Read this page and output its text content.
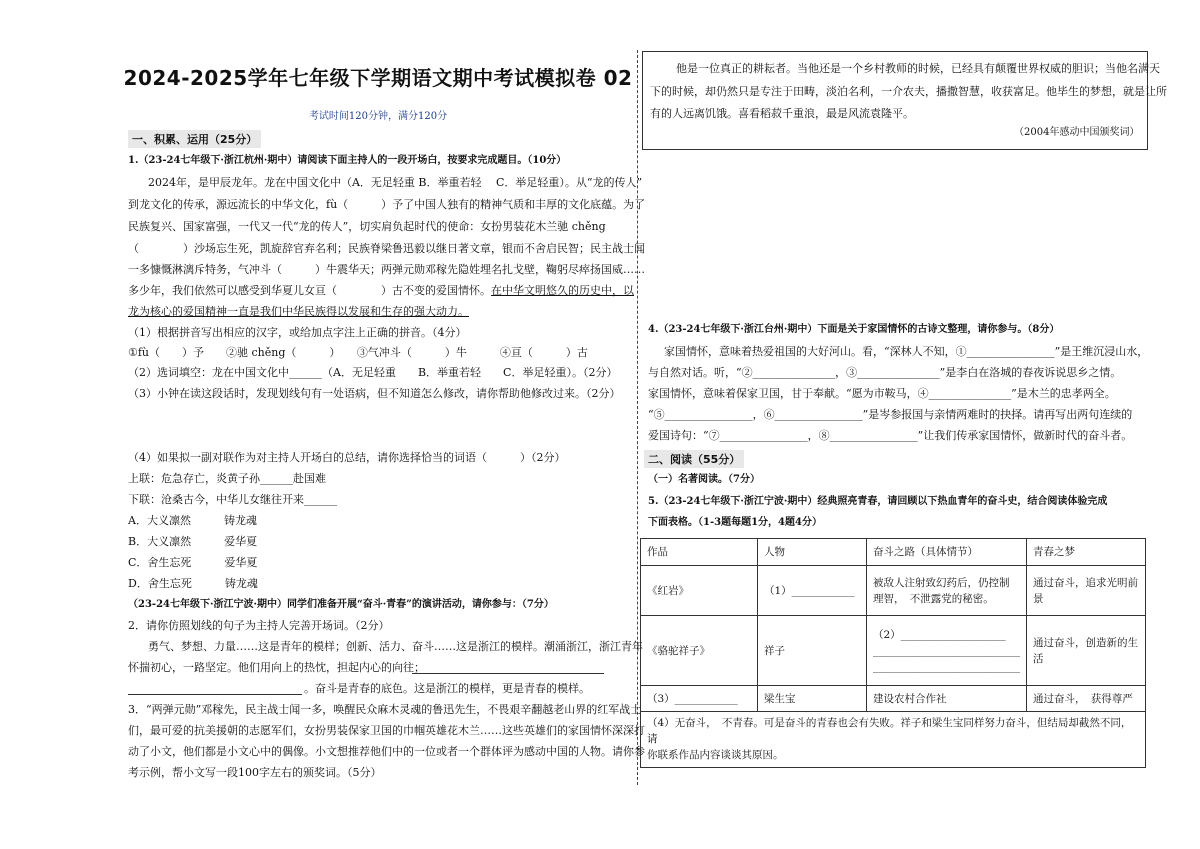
2024-2025学年七年级下学期语文期中考试模拟卷 02
考试时间120分钟，满分120分
一、积累、运用（25分）
1.（23-24七年级下·浙江杭州·期中）请阅读下面主持人的一段开场白，按要求完成题目。（10分）
2024年，是甲辰龙年。龙在中国文化中（A．无足轻重 B．举重若轻　 C．举足轻重）。从“龙的传人”
到龙文化的传承，源远流长的中华文化，fù（　　　）予了中国人独有的精神气质和丰厚的文化底蕴。为了
民族复兴、国家富强，一代又一代“龙的传人”，切实肩负起时代的使命：女扮男装花木兰驰 chěng
（　　　　）沙场忘生死，凯旋辞官弃名利；民族脊梁鲁迅毅以继日著文章，银而不舍启民智；民主战士闻
一多慷慨淋漓斥特务，气冲斗（　　　）牛震华天；两弹元勋邓稼先隐姓埋名扎戈壁，鞠躬尽瘁扬国威……
多少年，我们依然可以感受到华夏儿女亘（　　　　）古不变的爱国情怀。在中华文明悠久的历史中，以
龙为核心的爱国精神一直是我们中华民族得以发展和生存的强大动力。
（1）根据拼音写出相应的汉字，或给加点字注上正确的拼音。（4分）
①fù（　　）予　　②驰 chěng（　　　）　　③气冲斗（　　　）牛　　　④亘（　　　）古
（2）选词填空：龙在中国文化中______（A．无足轻重　　B．举重若轻　　C．举足轻重）。（2分）
（3）小钟在读这段话时，发现划线句有一处语病，但不知道怎么修改，请你帮助他修改过来。（2分）
（4）如果拟一副对联作为对主持人开场白的总结，请你选择恰当的词语（　　　）（2分）
上联：危急存亡，炎黄子孙______赴国难
下联：沧桑古今，中华儿女继往开来______
A．大义凛然　　　铸龙魂
B．大义凛然　　　爱华夏
C．舍生忘死　　　爱华夏
D．舍生忘死　　　铸龙魂
（23-24七年级下·浙江宁波·期中）同学们准备开展“奋斗·青春”的演讲活动，请你参与：（7分）
2．请你仿照划线的句子为主持人完善开场词。（2分）
勇气、梦想、力量……这是青年的模样；创新、活力、奋斗……这是浙江的模样。潮涌浙江，浙江青年
怀揣初心，一路坚定。他们用向上的热忱，担起内心的向往；
。奋斗是青春的底色。这是浙江的模样，更是青春的模样。
3．“两弹元勋”邓稼先，民主战士闻一多，唤醒民众麻木灵魂的鲁迅先生，不畏艰辛翻越老山界的红军战士
们，最可爱的抗美援朝的志愿军们，女扮男装保家卫国的巾帼英雄花木兰……这些英雄们的家国情怀深深打
动了小文，他们都是小文心中的偶像。小文想推荐他们中的一位或者一个群体评为感动中国的人物。请你参
考示例，帮小文写一段100字左右的颁奖词。（5分）
他是一位真正的耕耘者。当他还是一个乡村教师的时候，已经具有颠覆世界权威的胆识；当他名满天
下的时候，却仍然只是专注于田畴，淡泊名利，一介农夫，播撒智慧，收获富足。他毕生的梦想，就是让所
有的人远离饥饿。喜看稻菽千重浪，最是风流袁隆平。
（2004年感动中国颁奖词）
4.（23-24七年级下·浙江台州·期中）下面是关于家国情怀的古诗文整理，请你参与。（8分）
家国情怀，意味着热爱祖国的大好河山。看，“深林人不知，①________________”是王维沉浸山水，
与自然对话。听，“②_______________，③_______________”是李白在洛城的春夜诉说思乡之情。
家国情怀，意味着保家卫国，甘于奉献。“愿为市鞍马，④_______________”是木兰的忠孝两全。
“⑤________________，⑥________________”是岑参报国与亲情两难时的抉择。请再写出两句连续的
爱国诗句：“⑦________________，⑧________________”让我们传承家国情怀，做新时代的奋斗者。
二、阅读（55分）
（一）名著阅读。（7分）
5.（23-24七年级下·浙江宁波·期中）经典照亮青春，请回顾以下热血青年的奋斗史，结合阅读体验完成
下面表格。（1-3题每题1分，4题4分）
作品	人物	奋斗之路（具体情节）	青春之梦
《红岩》	（1）____________	被敌人注射致幻药后，仍控制
理智，　不泄露党的秘密。	通过奋斗，追求光明前景
《骆驼祥子》	祥子	（2）____________________
____________________________
____________________________	通过奋斗，创造新的生活
（3）____________	梁生宝	建设农村合作社	通过奋斗，　获得尊严

（4）无奋斗，　不青春。可是奋斗的青春也会有失败。祥子和梁生宝同样努力奋斗，但结局却截然不同，请
你联系作品内容谈谈其原因。			
